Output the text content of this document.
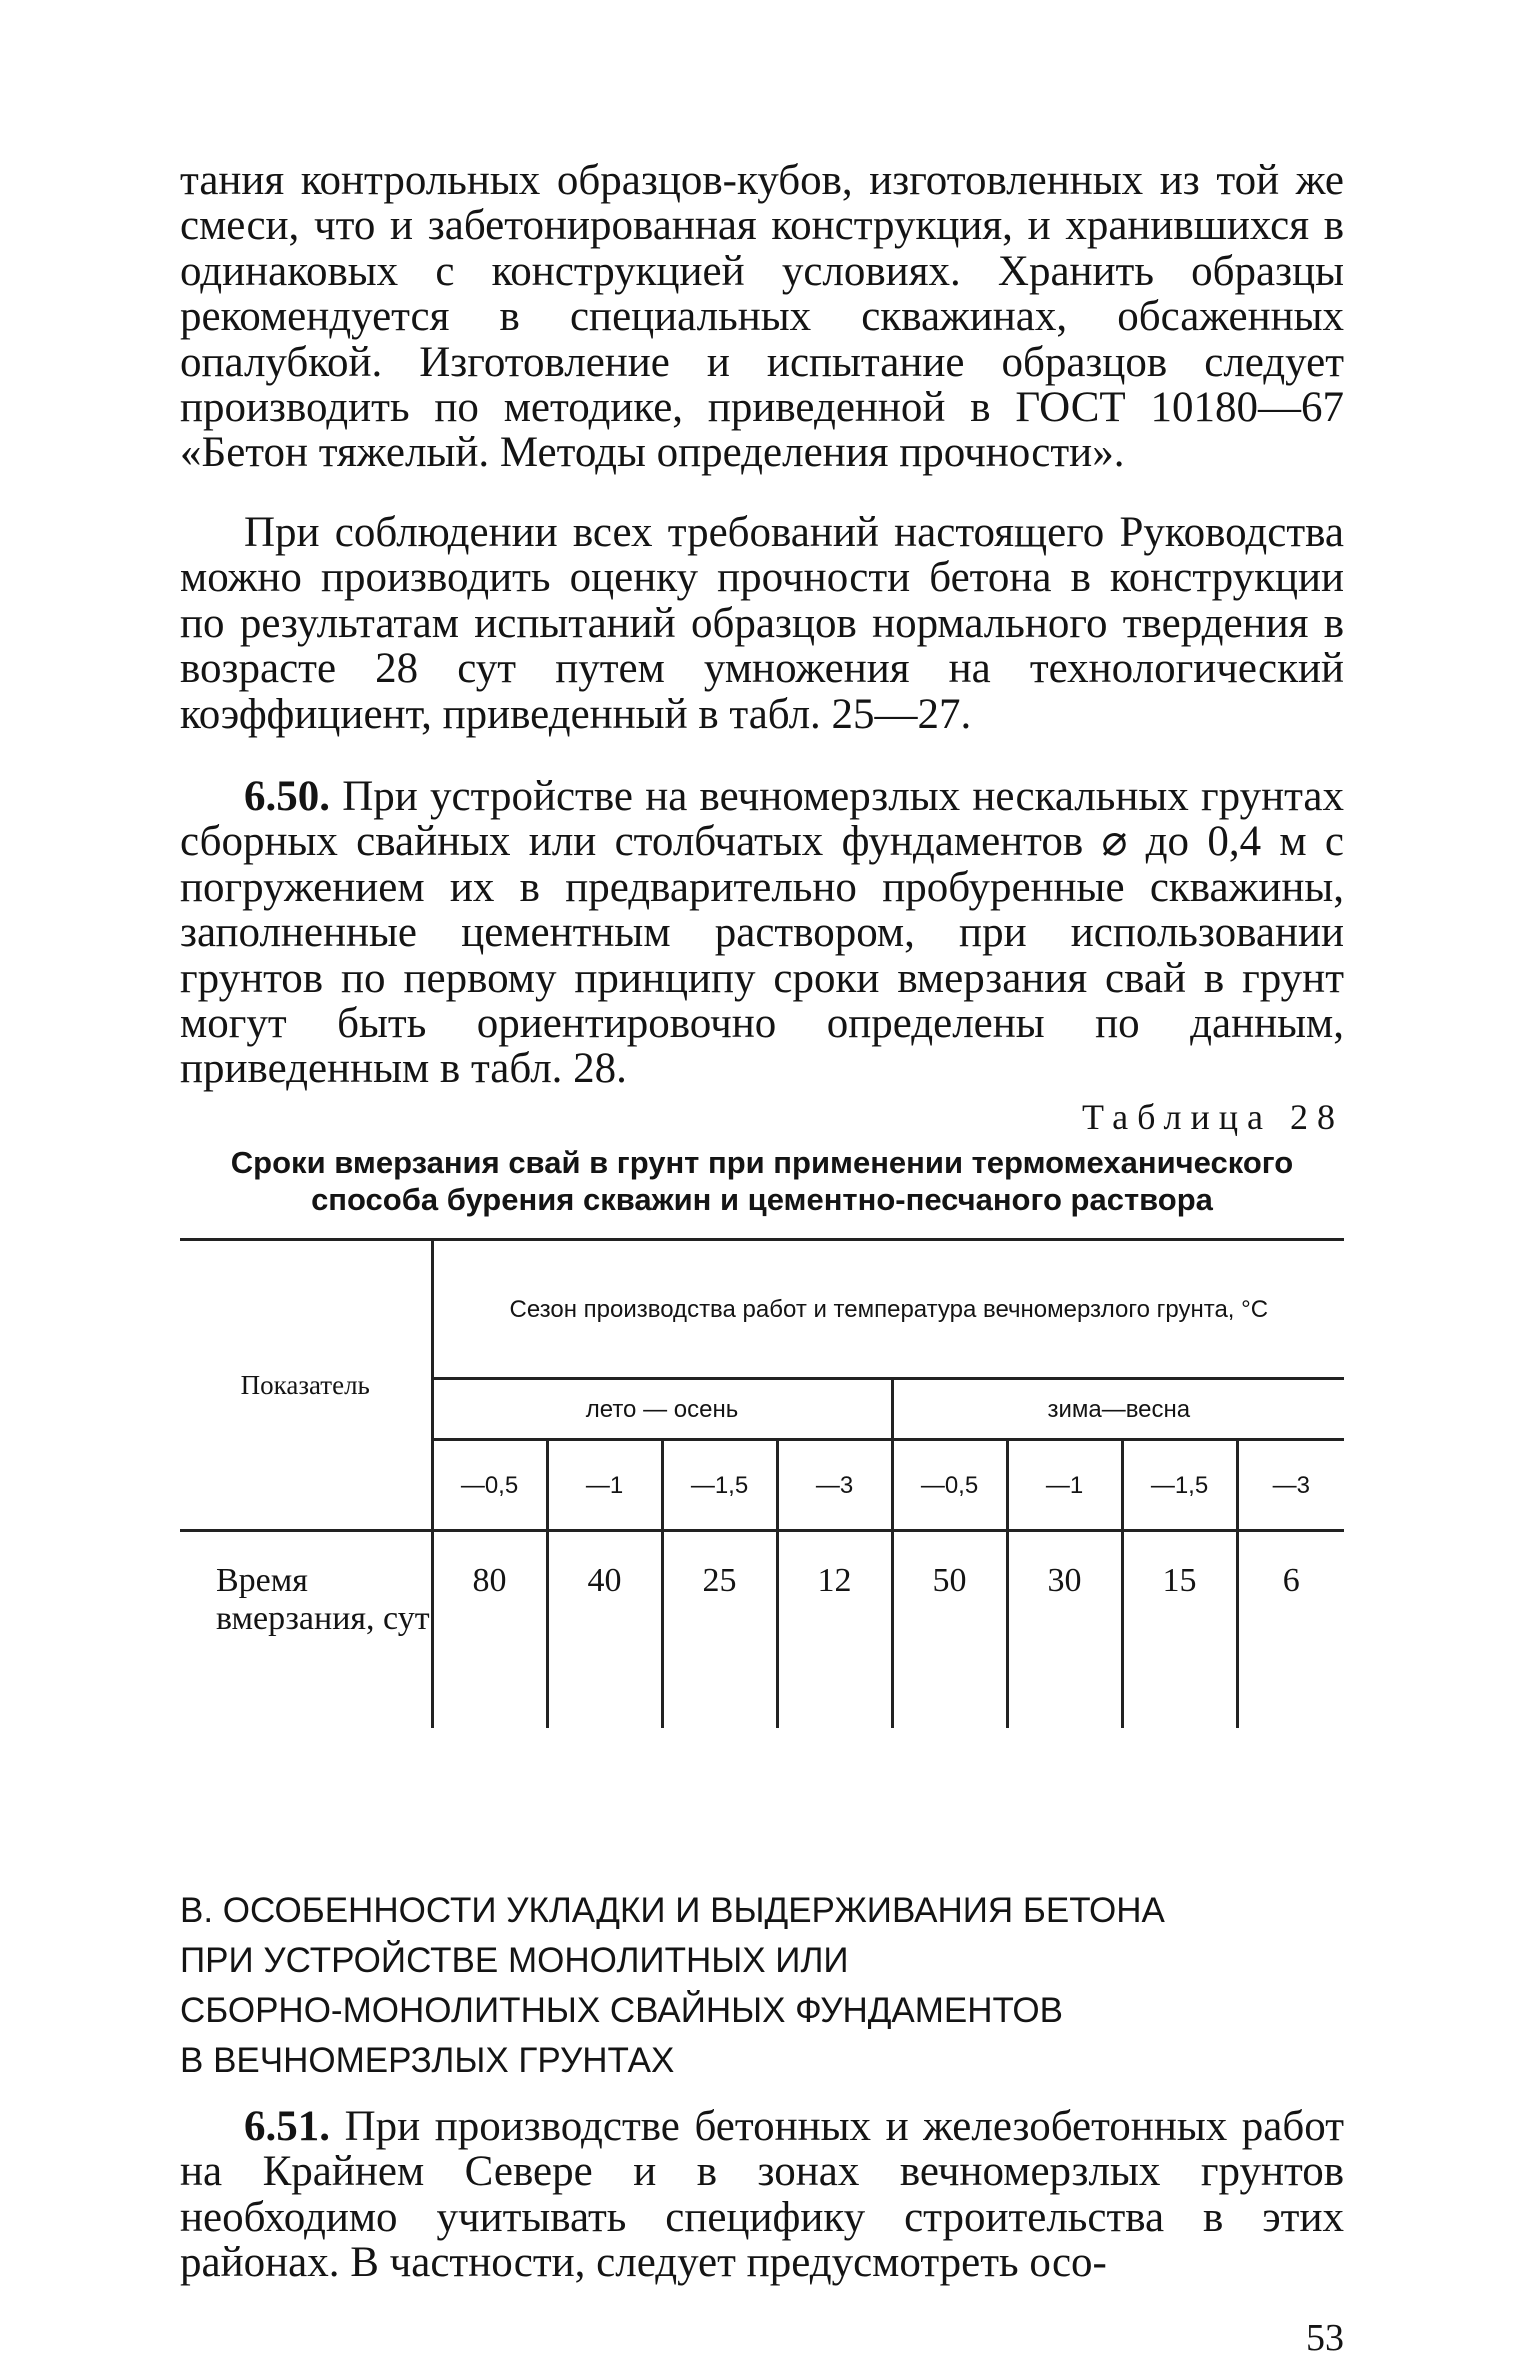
тания контрольных образцов-кубов, изготовленных из той же смеси, что и забетонированная конструкция, и хранившихся в одинаковых с конструкцией условиях. Хранить образцы рекомендуется в специальных скважинах, обсаженных опалубкой. Изготовление и испытание образцов следует производить по методике, приведенной в ГОСТ 10180—67 «Бетон тяжелый. Методы определения прочности».

При соблюдении всех требований настоящего Руководства можно производить оценку прочности бетона в конструкции по результатам испытаний образцов нормального твердения в возрасте 28 сут путем умножения на технологический коэффициент, приведенный в табл. 25—27.

6.50. При устройстве на вечномерзлых нескальных грунтах сборных свайных или столбчатых фундаментов ⌀ до 0,4 м с погружением их в предварительно пробуренные скважины, заполненные цементным раствором, при использовании грунтов по первому принципу сроки вмерзания свай в грунт могут быть ориентировочно определены по данным, приведенным в табл. 28.

Таблица 28
Сроки вмерзания свай в грунт при применении термомеханического
способа бурения скважин и цементно-песчаного раствора
Показатель	Сезон производства работ и температура вечномерзлого грунта, °С							
	лето — осень				зима—весна			
	—0,5	—1	—1,5	—3	—0,5	—1	—1,5	—3
Время вмерзания, сут	80	40	25	12	50	30	15	6
В. ОСОБЕННОСТИ УКЛАДКИ И ВЫДЕРЖИВАНИЯ БЕТОНА
ПРИ УСТРОЙСТВЕ МОНОЛИТНЫХ ИЛИ
СБОРНО-МОНОЛИТНЫХ СВАЙНЫХ ФУНДАМЕНТОВ
В ВЕЧНОМЕРЗЛЫХ ГРУНТАХ

6.51. При производстве бетонных и железобетонных работ на Крайнем Севере и в зонах вечномерзлых грунтов необходимо учитывать специфику строительства в этих районах. В частности, следует предусмотреть осо-

53
